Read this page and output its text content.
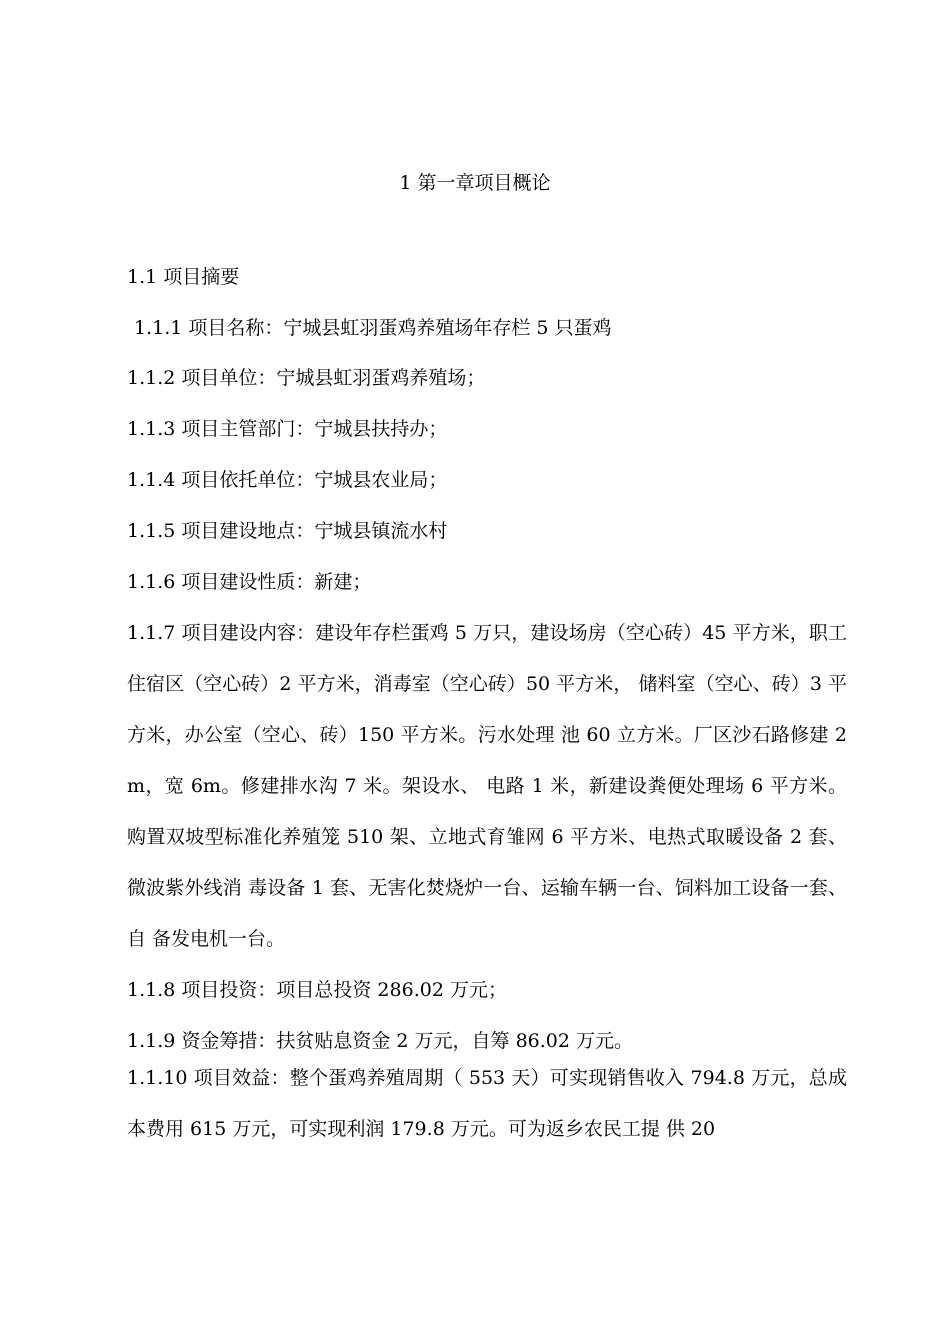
1 第一章项目概论
1.1 项目摘要

1.1.1 项目名称：宁城县虹羽蛋鸡养殖场年存栏 5 只蛋鸡

1.1.2 项目单位：宁城县虹羽蛋鸡养殖场；

1.1.3 项目主管部门：宁城县扶持办；

1.1.4 项目依托单位：宁城县农业局；

1.1.5 项目建设地点：宁城县镇流水村

1.1.6 项目建设性质：新建；

1.1.7 项目建设内容：建设年存栏蛋鸡 5 万只，建设场房（空心砖）45 平方米，职工住宿区（空心砖）2 平方米，消毒室（空心砖）50 平方米， 储料室（空心、砖）3 平方米，办公室（空心、砖）150 平方米。污水处理 池 60 立方米。厂区沙石路修建 2m，宽 6m。修建排水沟 7 米。架设水、 电路 1 米，新建设粪便处理场 6 平方米。购置双坡型标准化养殖笼 510 架、立地式育雏网 6 平方米、电热式取暖设备 2 套、微波紫外线消 毒设备 1 套、无害化焚烧炉一台、运输车辆一台、饲料加工设备一套、自 备发电机一台。

1.1.8 项目投资：项目总投资 286.02 万元；

1.1.9 资金筹措：扶贫贴息资金 2 万元，自筹 86.02 万元。

1.1.10 项目效益：整个蛋鸡养殖周期（ 553 天）可实现销售收入 794.8 万元，总成本费用 615 万元，可实现利润 179.8 万元。可为返乡农民工提 供 20
